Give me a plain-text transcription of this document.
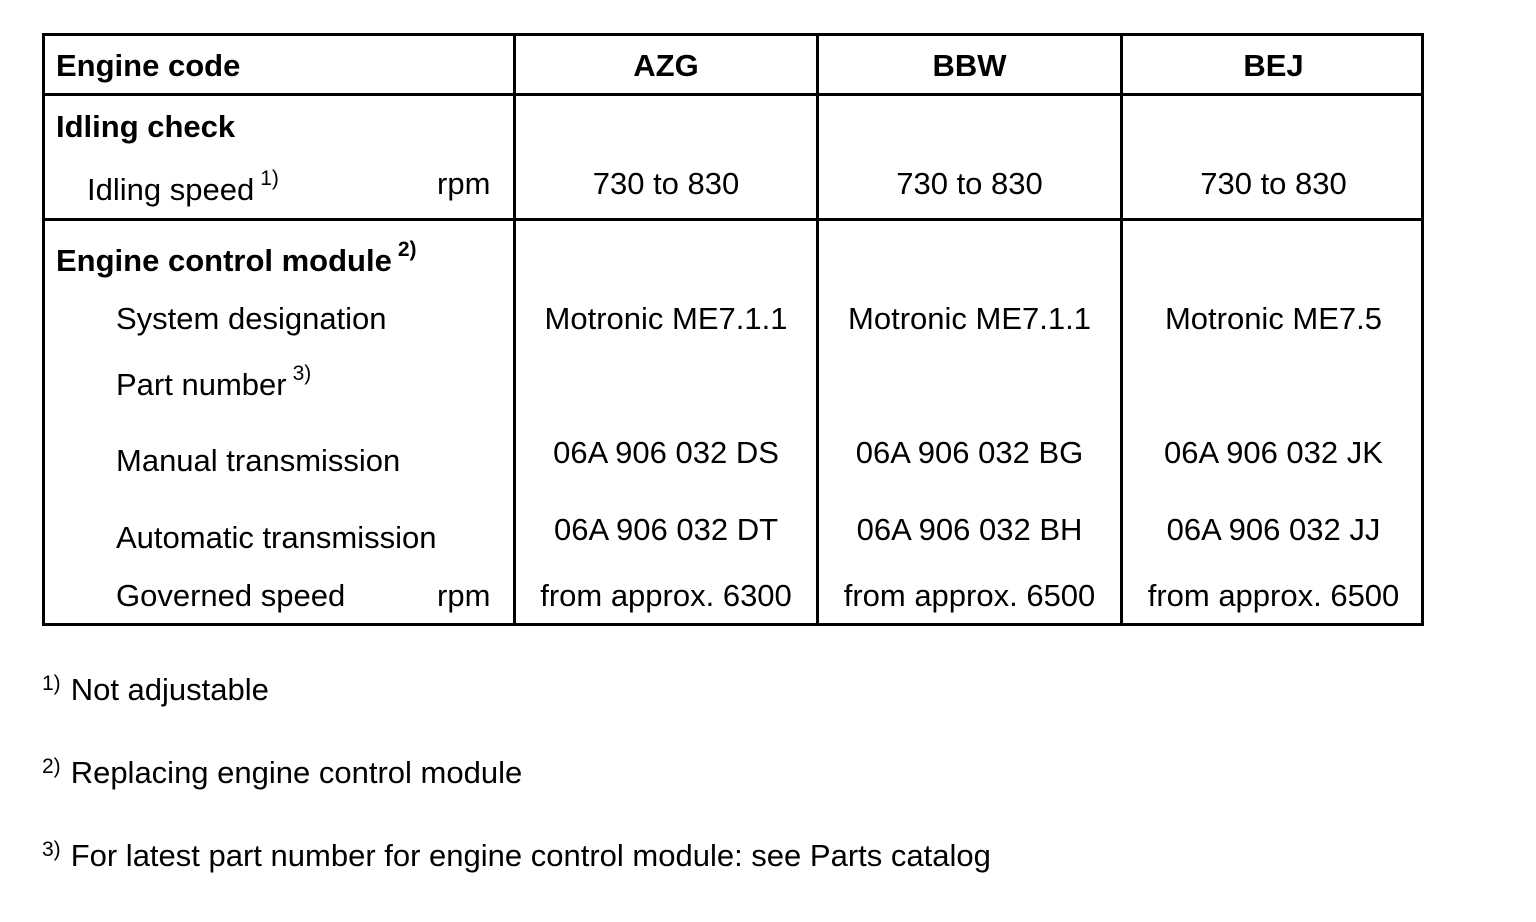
Engine code	AZG	BBW	BEJ
Idling check
Idling speed $^{1)}$	rpm	730 to 830	730 to 830	730 to 830
Engine control module $^{2)}$
System designation	Motronic ME7.1.1	Motronic ME7.1.1	Motronic ME7.5
Part number $^{3)}$
Manual transmission	06A 906 032 DS	06A 906 032 BG	06A 906 032 JK
Automatic transmission	06A 906 032 DT	06A 906 032 BH	06A 906 032 JJ
Governed speed	rpm	from approx. 6300	from approx. 6500	from approx. 6500
$^{1)}$ Not adjustable
$^{2)}$ Replacing engine control module
$^{3)}$ For latest part number for engine control module: see Parts catalog
